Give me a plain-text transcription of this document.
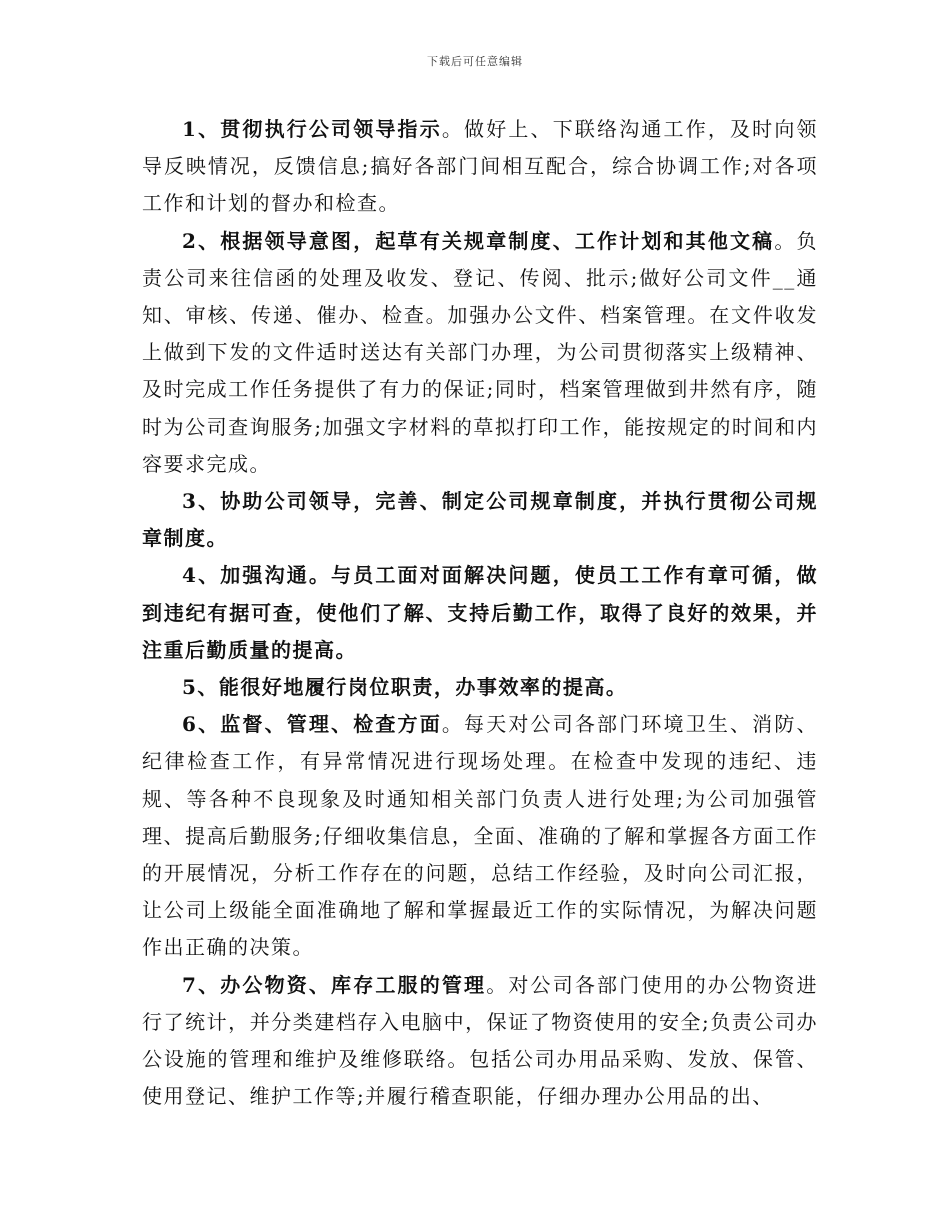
下载后可任意编辑

1、贯彻执行公司领导指示。做好上、下联络沟通工作，及时向领导反映情况，反馈信息;搞好各部门间相互配合，综合协调工作;对各项工作和计划的督办和检查。

2、根据领导意图，起草有关规章制度、工作计划和其他文稿。负责公司来往信函的处理及收发、登记、传阅、批示;做好公司文件__通知、审核、传递、催办、检查。加强办公文件、档案管理。在文件收发上做到下发的文件适时送达有关部门办理，为公司贯彻落实上级精神、及时完成工作任务提供了有力的保证;同时，档案管理做到井然有序，随时为公司查询服务;加强文字材料的草拟打印工作，能按规定的时间和内容要求完成。

3、协助公司领导，完善、制定公司规章制度，并执行贯彻公司规章制度。

4、加强沟通。与员工面对面解决问题，使员工工作有章可循，做到违纪有据可查，使他们了解、支持后勤工作，取得了良好的效果，并注重后勤质量的提高。

5、能很好地履行岗位职责，办事效率的提高。

6、监督、管理、检查方面。每天对公司各部门环境卫生、消防、纪律检查工作，有异常情况进行现场处理。在检查中发现的违纪、违规、等各种不良现象及时通知相关部门负责人进行处理;为公司加强管理、提高后勤服务;仔细收集信息，全面、准确的了解和掌握各方面工作的开展情况，分析工作存在的问题，总结工作经验，及时向公司汇报，让公司上级能全面准确地了解和掌握最近工作的实际情况，为解决问题作出正确的决策。

7、办公物资、库存工服的管理。对公司各部门使用的办公物资进行了统计，并分类建档存入电脑中，保证了物资使用的安全;负责公司办公设施的管理和维护及维修联络。包括公司办用品采购、发放、保管、使用登记、维护工作等;并履行稽查职能，仔细办理办公用品的出、
